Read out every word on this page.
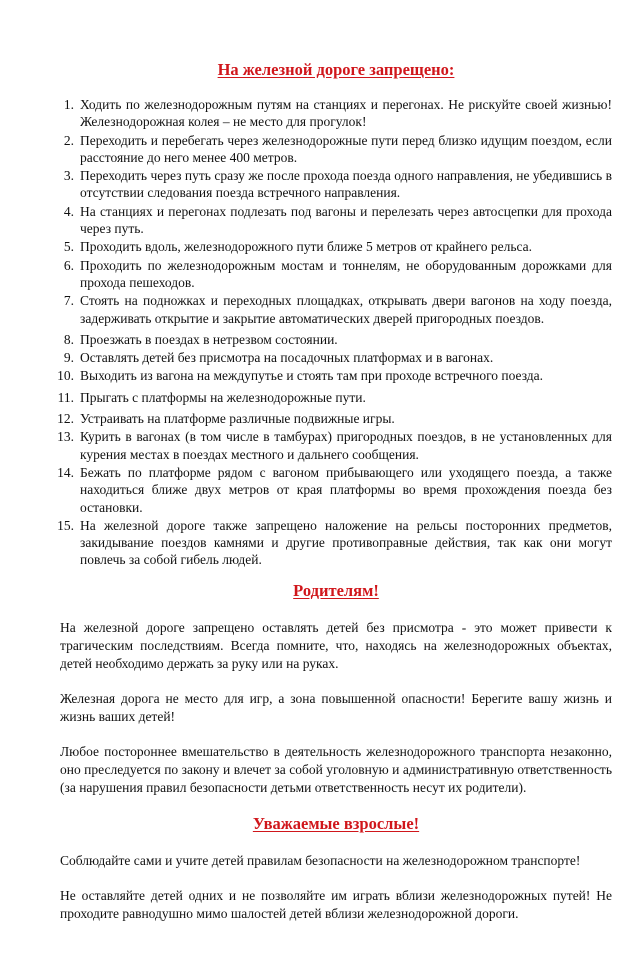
На железной дороге запрещено:
1. Ходить по железнодорожным путям на станциях и перегонах. Не рискуйте своей жизнью! Железнодорожная колея – не место для прогулок!
2. Переходить и перебегать через железнодорожные пути перед близко идущим поездом, если расстояние до него менее 400 метров.
3. Переходить через путь сразу же после прохода поезда одного направления, не убедившись в отсутствии следования поезда встречного направления.
4. На станциях и перегонах подлезать под вагоны и перелезать через автосцепки для прохода через путь.
5. Проходить вдоль, железнодорожного пути ближе 5 метров от крайнего рельса.
6. Проходить по железнодорожным мостам и тоннелям, не оборудованным дорожками для прохода пешеходов.
7. Стоять на подножках и переходных площадках, открывать двери вагонов на ходу поезда, задерживать открытие и закрытие автоматических дверей пригородных поездов.
8. Проезжать в поездах в нетрезвом состоянии.
9. Оставлять детей без присмотра на посадочных платформах и в вагонах.
10. Выходить из вагона на междупутье и стоять там при проходе встречного поезда.
11. Прыгать с платформы на железнодорожные пути.
12. Устраивать на платформе различные подвижные игры.
13. Курить в вагонах (в том числе в тамбурах) пригородных поездов, в не установленных для курения местах в поездах местного и дальнего сообщения.
14. Бежать по платформе рядом с вагоном прибывающего или уходящего поезда, а также находиться ближе двух метров от края платформы во время прохождения поезда без остановки.
15. На железной дороге также запрещено наложение на рельсы посторонних предметов, закидывание поездов камнями и другие противоправные действия, так как они могут повлечь за собой гибель людей.
Родителям!

На железной дороге запрещено оставлять детей без присмотра - это может привести к трагическим последствиям. Всегда помните, что, находясь на железнодорожных объектах, детей необходимо держать за руку или на руках.

Железная дорога не место для игр, а зона повышенной опасности! Берегите вашу жизнь и жизнь ваших детей!

Любое постороннее вмешательство в деятельность железнодорожного транспорта незаконно, оно преследуется по закону и влечет за собой уголовную и административную ответственность (за нарушения правил безопасности детьми ответственность несут их родители).

Уважаемые взрослые!

Соблюдайте сами и учите детей правилам безопасности на железнодорожном транспорте!

Не оставляйте детей одних и не позволяйте им играть вблизи железнодорожных путей! Не проходите равнодушно мимо шалостей детей вблизи железнодорожной дороги.
